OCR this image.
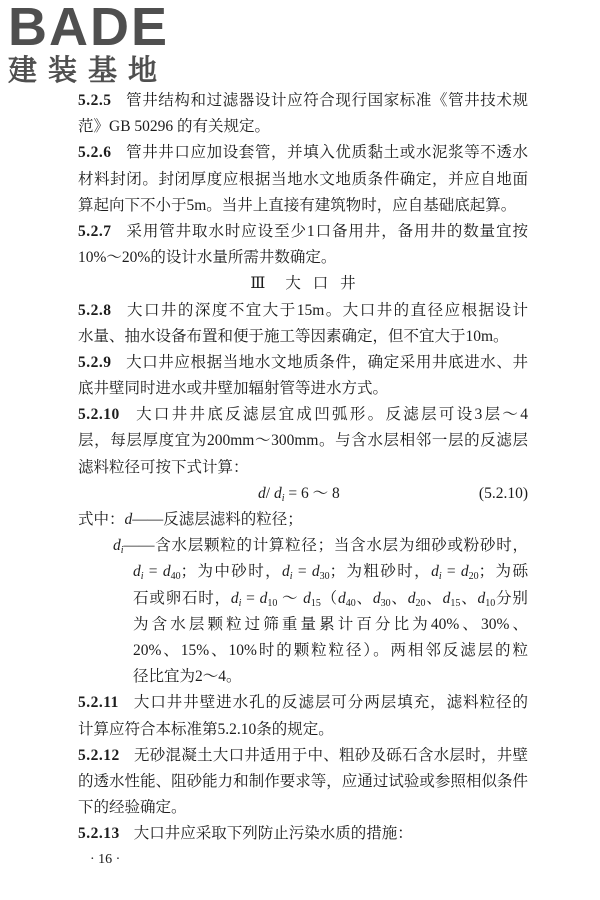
BADE
建装基地
5.2.5 管井结构和过滤器设计应符合现行国家标准《管井技术规
范》GB 50296 的有关规定。
5.2.6 管井井口应加设套管，并填入优质黏土或水泥浆等不透水
材料封闭。封闭厚度应根据当地水文地质条件确定，并应自地面
算起向下不小于5m。当井上直接有建筑物时，应自基础底起算。
5.2.7 采用管井取水时应设至少1口备用井，备用井的数量宜按
10%～20%的设计水量所需井数确定。
Ⅲ 大 口 井
5.2.8 大口井的深度不宜大于15m。大口井的直径应根据设计
水量、抽水设备布置和便于施工等因素确定，但不宜大于10m。
5.2.9 大口井应根据当地水文地质条件，确定采用井底进水、井
底井壁同时进水或井壁加辐射管等进水方式。
5.2.10 大口井井底反滤层宜成凹弧形。反滤层可设3层～4
层，每层厚度宜为200mm～300mm。与含水层相邻一层的反滤层
滤料粒径可按下式计算：
d/ $d_i = 6$ ～ 8	(5.2.10)
式中：d——反滤层滤料的粒径；
$d_i——$含水层颗粒的计算粒径；当含水层为细砂或粉砂时，
$d_i = d_{40}$；为中砂时，$d_i = d_{30}$；为粗砂时，$d_i = d_{20}$；为砾
石或卵石时，$d_i = d_{10}$ ～ $d_{15}(d_{40}$、$d_{30}$、$d_{20}$、$d_{15}$、$d_{10}$分别
为含水层颗粒过筛重量累计百分比为40%、30%、
20%、15%、10%时的颗粒粒径）。两相邻反滤层的粒
径比宜为2～4。
5.2.11 大口井井壁进水孔的反滤层可分两层填充，滤料粒径的
计算应符合本标准第5.2.10条的规定。
5.2.12 无砂混凝土大口井适用于中、粗砂及砾石含水层时，井壁
的透水性能、阻砂能力和制作要求等，应通过试验或参照相似条件
下的经验确定。
5.2.13 大口井应采取下列防止污染水质的措施：
· 16 ·
